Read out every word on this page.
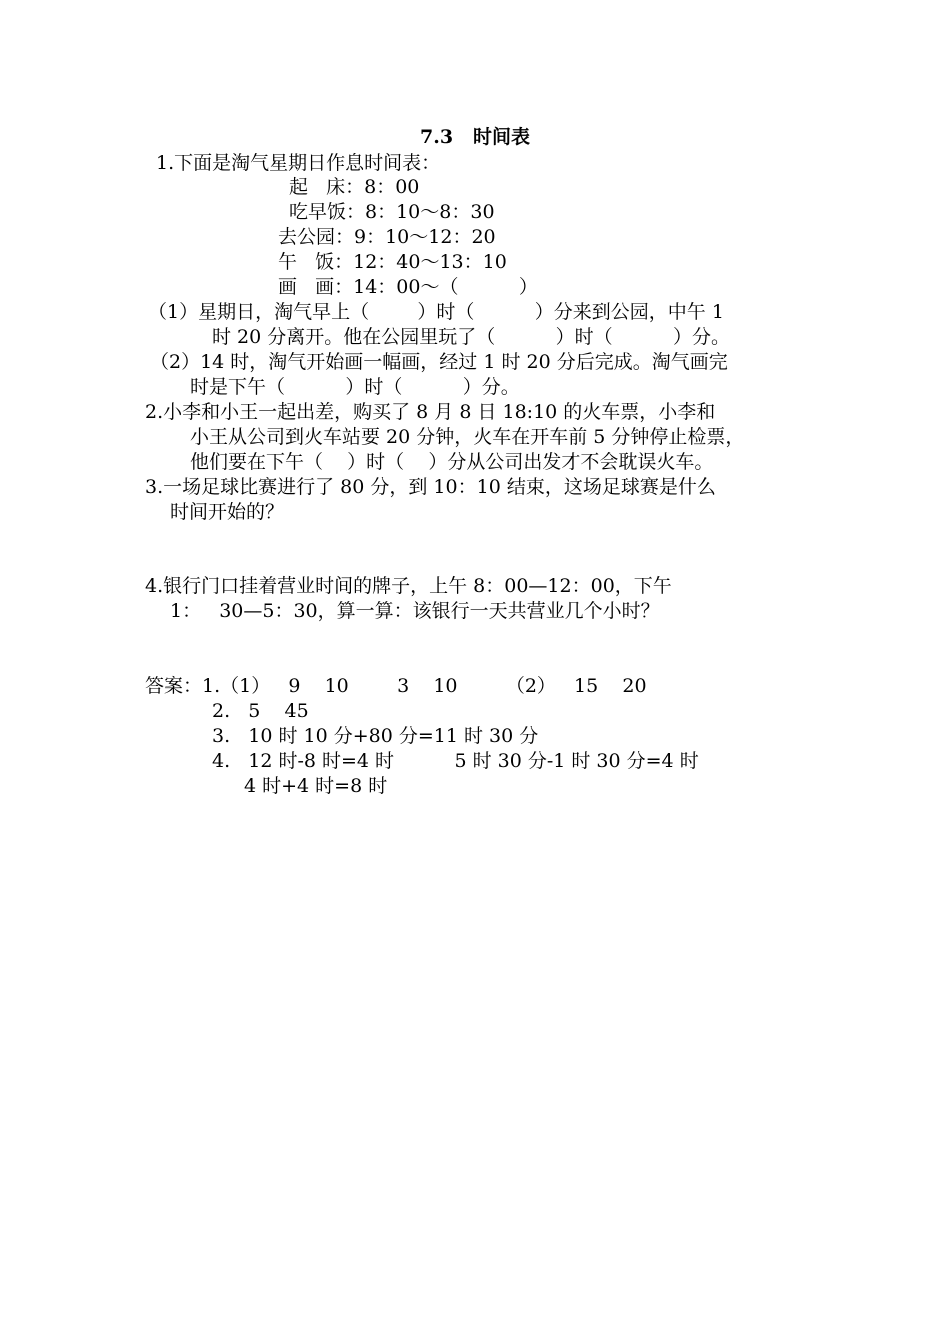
7.3   时间表
1.下面是淘气星期日作息时间表：
起   床：8：00
吃早饭：8：10～8：30
去公园：9：10～12：20
午   饭：12：40～13：10
画   画：14：00～（          ）
（1）星期日，淘气早上（        ）时（          ）分来到公园，中午 1
时 20 分离开。他在公园里玩了（          ）时（          ）分。
（2）14 时，淘气开始画一幅画，经过 1 时 20 分后完成。淘气画完
时是下午（          ）时（          ）分。
2.小李和小王一起出差，购买了 8 月 8 日 18:10 的火车票，小李和
小王从公司到火车站要 20 分钟，火车在开车前 5 分钟停止检票，
他们要在下午（    ）时（    ）分从公司出发才不会耽误火车。
3.一场足球比赛进行了 80 分，到 10：10 结束，这场足球赛是什么
时间开始的？
4.银行门口挂着营业时间的牌子，上午 8：00—12：00，下午
1：   30—5：30，算一算：该银行一天共营业几个小时？
答案：1.（1）   9    10        3    10        （2）   15    20
2.   5    45
3.   10 时 10 分+80 分=11 时 30 分
4.   12 时-8 时=4 时          5 时 30 分-1 时 30 分=4 时
4 时+4 时=8 时
